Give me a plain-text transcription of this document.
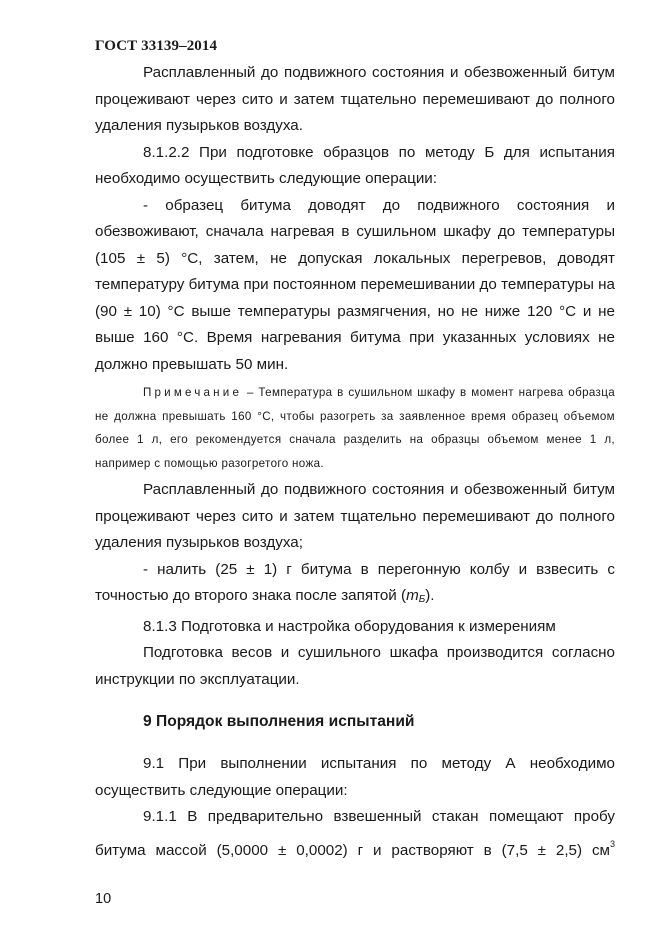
ГОСТ 33139–2014

Расплавленный до подвижного состояния и обезвоженный битум процеживают через сито и затем тщательно перемешивают до полного удаления пузырьков воздуха.

8.1.2.2 При подготовке образцов по методу Б для испытания необходимо осуществить следующие операции:

- образец битума доводят до подвижного состояния и обезвоживают, сначала нагревая в сушильном шкафу до температуры (105 ± 5) °С, затем, не допуская локальных перегревов, доводят температуру битума при постоянном перемешивании до температуры на (90 ± 10) °С выше температуры размягчения, но не ниже 120 °С и не выше 160 °С. Время нагревания битума при указанных условиях не должно превышать 50 мин.

Примечание – Температура в сушильном шкафу в момент нагрева образца не должна превышать 160 °С, чтобы разогреть за заявленное время образец объемом более 1 л, его рекомендуется сначала разделить на образцы объемом менее 1 л, например с помощью разогретого ножа.

Расплавленный до подвижного состояния и обезвоженный битум процеживают через сито и затем тщательно перемешивают до полного удаления пузырьков воздуха;

- налить (25 ± 1) г битума в перегонную колбу и взвесить с точностью до второго знака после запятой $(m_Б)$.

8.1.3 Подготовка и настройка оборудования к измерениям

Подготовка весов и сушильного шкафа производится согласно инструкции по эксплуатации.

9 Порядок выполнения испытаний

9.1 При выполнении испытания по методу А необходимо осуществить следующие операции:

9.1.1 В предварительно взвешенный стакан помещают пробу битума массой (5,0000 ± 0,0002) г и растворяют в (7,5 ± 2,5) $см^3$

10
